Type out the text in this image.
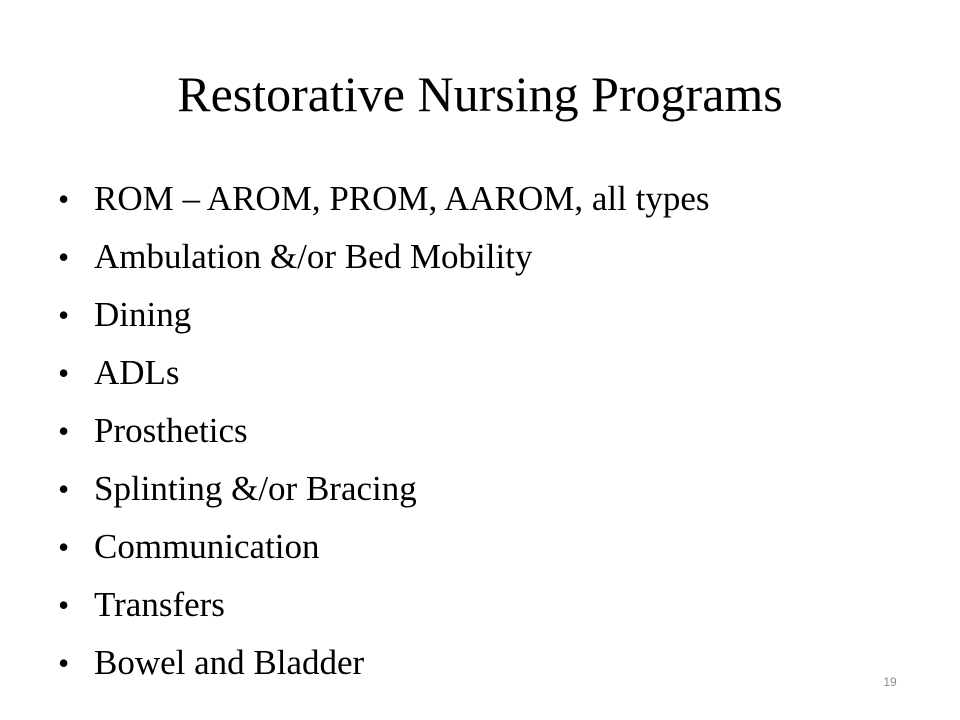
Restorative Nursing Programs
• ROM – AROM, PROM, AAROM, all types
• Ambulation &/or Bed Mobility
• Dining
• ADLs
• Prosthetics
• Splinting &/or Bracing
• Communication
• Transfers
• Bowel and Bladder	19
